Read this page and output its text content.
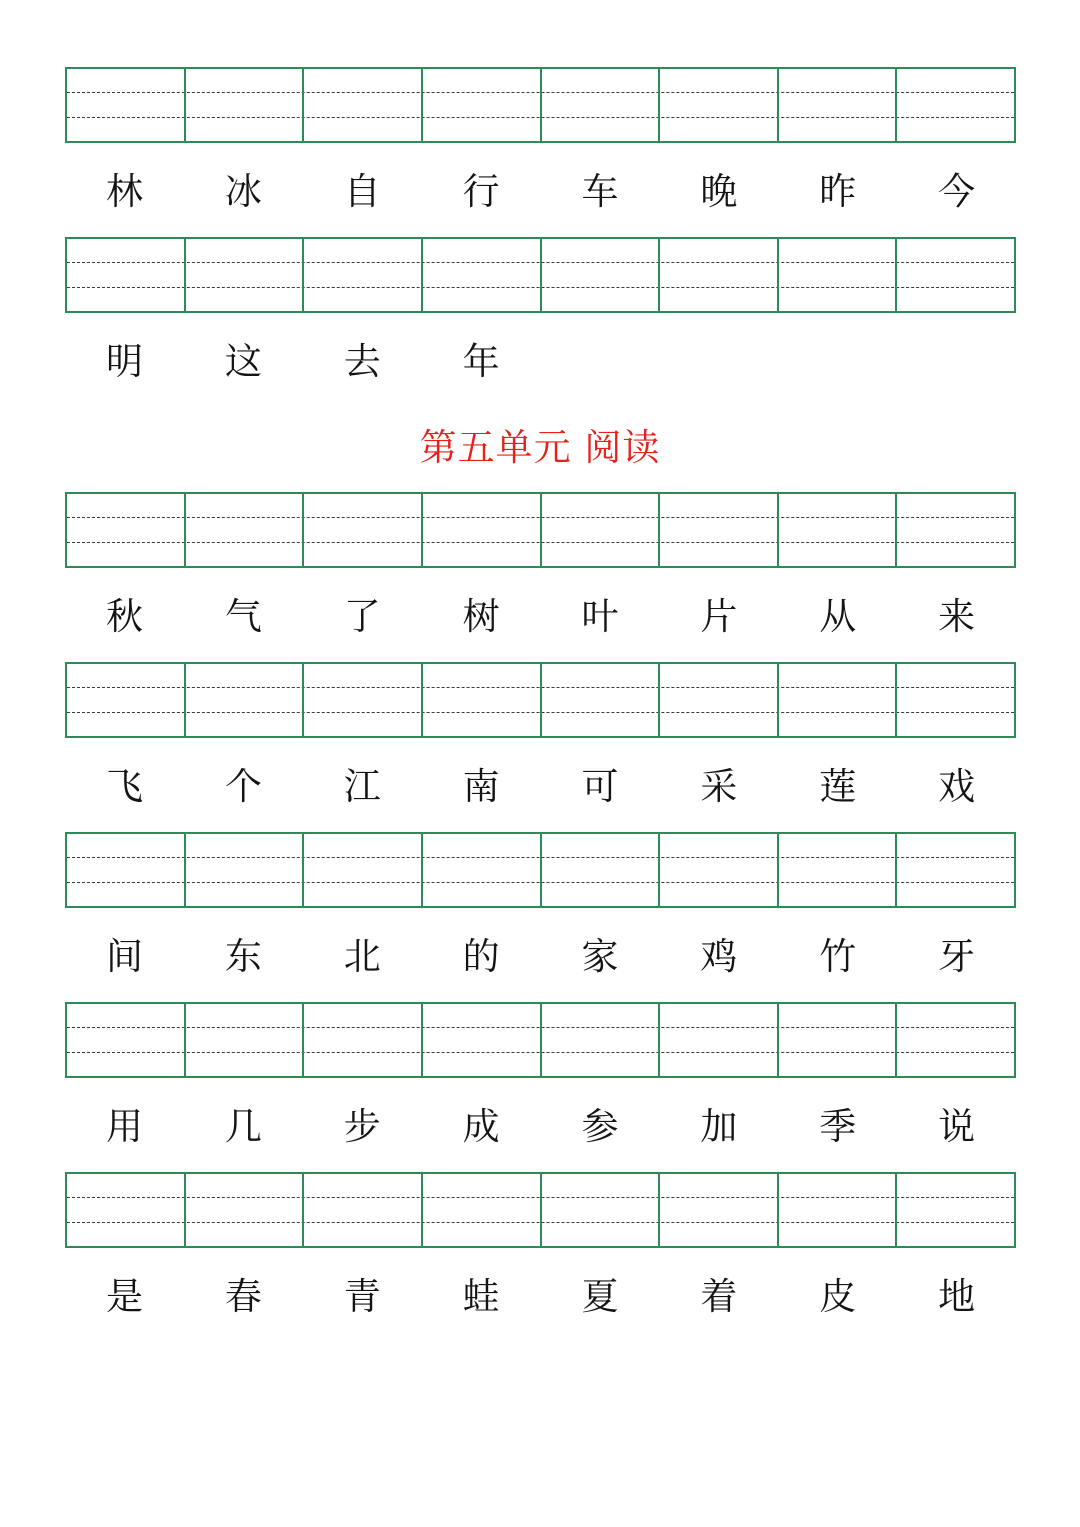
林	冰	自	行	车	晚	昨	今
明	这	去	年
第五单元 阅读
秋	气	了	树	叶	片	从	来
飞	个	江	南	可	采	莲	戏
间	东	北	的	家	鸡	竹	牙
用	几	步	成	参	加	季	说
是	春	青	蛙	夏	着	皮	地
